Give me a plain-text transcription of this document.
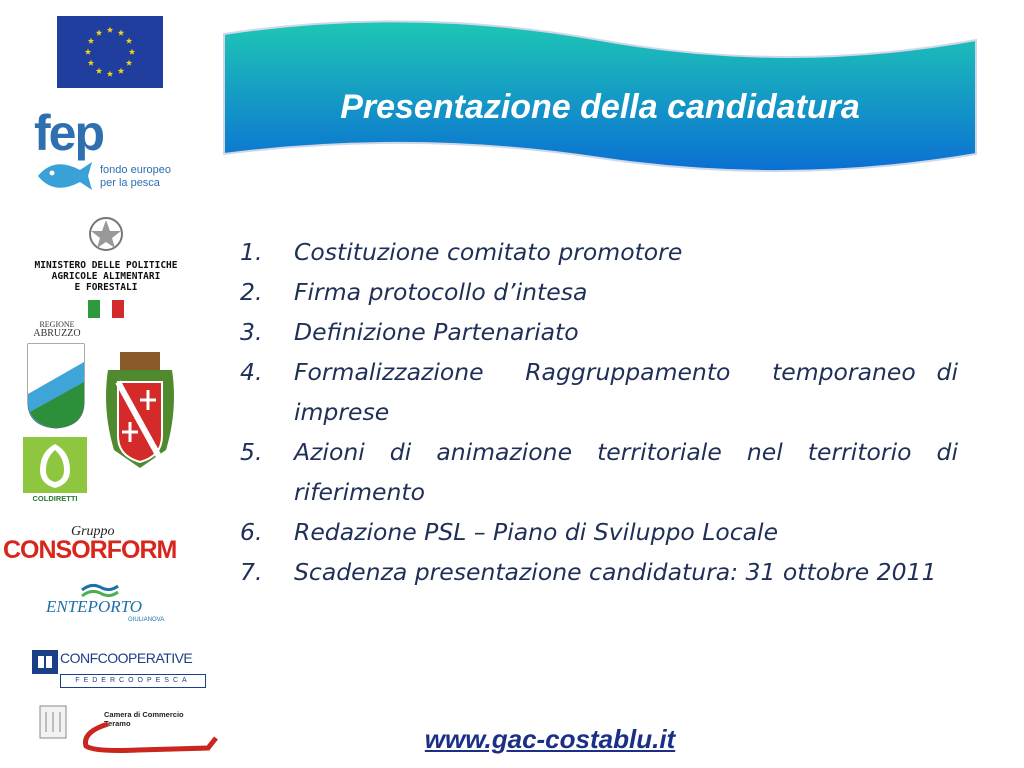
fep
fondo europeo
per la pesca
MINISTERO DELLE POLITICHE
AGRICOLE ALIMENTARI
E FORESTALI
REGIONE
ABRUZZO
COLDIRETTI
Gruppo
CONSORFORM
ENTEPORTO
GIULIANOVA
CONFCOOPERATIVE
FEDERCOOPESCA
Camera di Commercio
Teramo
Presentazione della candidatura
1.	Costituzione comitato promotore
2.	Firma protocollo d’intesa
3.	Definizione Partenariato
4.	Formalizzazione  Raggruppamento  temporaneo di imprese
5.	Azioni di animazione territoriale nel territorio di riferimento
6.	Redazione PSL – Piano di Sviluppo Locale
7.	Scadenza presentazione candidatura: 31 ottobre 2011
www.gac-costablu.it
